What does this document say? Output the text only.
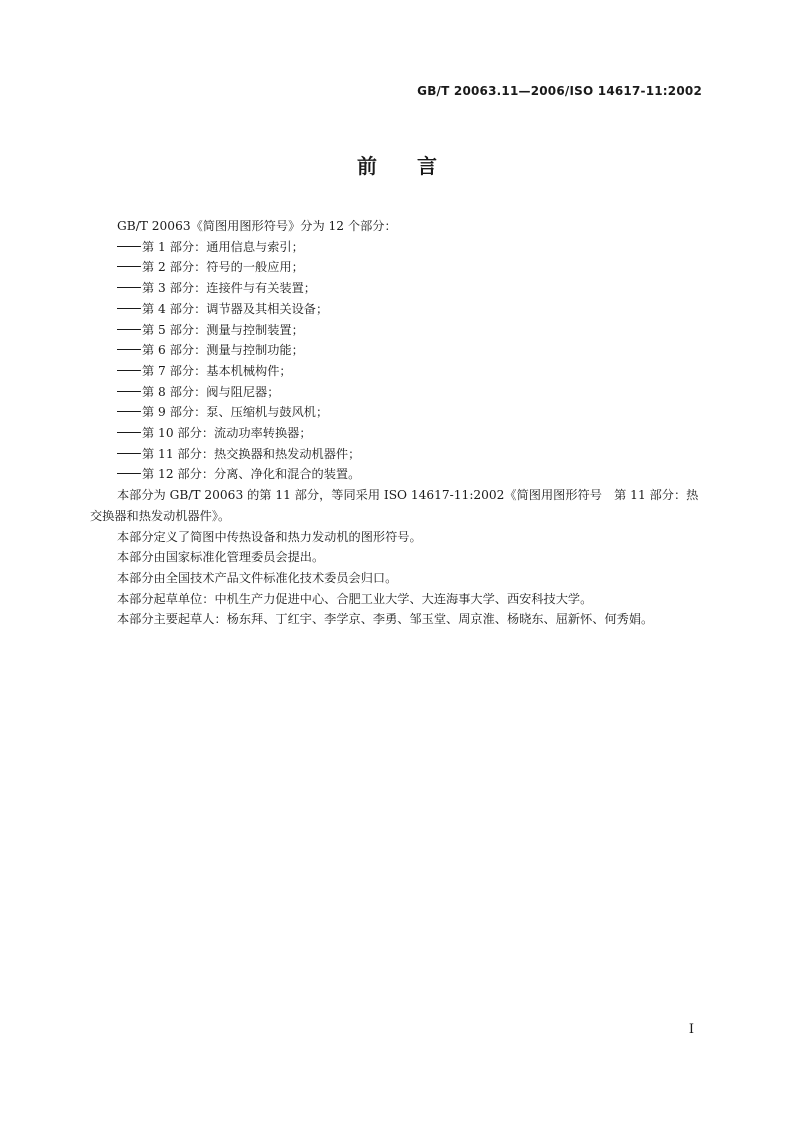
GB/T 20063.11—2006/ISO 14617-11:2002
前言

GB/T 20063《简图用图形符号》分为 12 个部分：

第 1 部分：通用信息与索引；

第 2 部分：符号的一般应用；

第 3 部分：连接件与有关装置；

第 4 部分：调节器及其相关设备；

第 5 部分：测量与控制装置；

第 6 部分：测量与控制功能；

第 7 部分：基本机械构件；

第 8 部分：阀与阻尼器；

第 9 部分：泵、压缩机与鼓风机；

第 10 部分：流动功率转换器；

第 11 部分：热交换器和热发动机器件；

第 12 部分：分离、净化和混合的装置。

本部分为 GB/T 20063 的第 11 部分，等同采用 ISO 14617-11:2002《简图用图形符号　第 11 部分：热交换器和热发动机器件》。

本部分定义了简图中传热设备和热力发动机的图形符号。

本部分由国家标准化管理委员会提出。

本部分由全国技术产品文件标准化技术委员会归口。

本部分起草单位：中机生产力促进中心、合肥工业大学、大连海事大学、西安科技大学。

本部分主要起草人：杨东拜、丁红宇、李学京、李勇、邹玉堂、周京淮、杨晓东、屈新怀、何秀娟。

I
